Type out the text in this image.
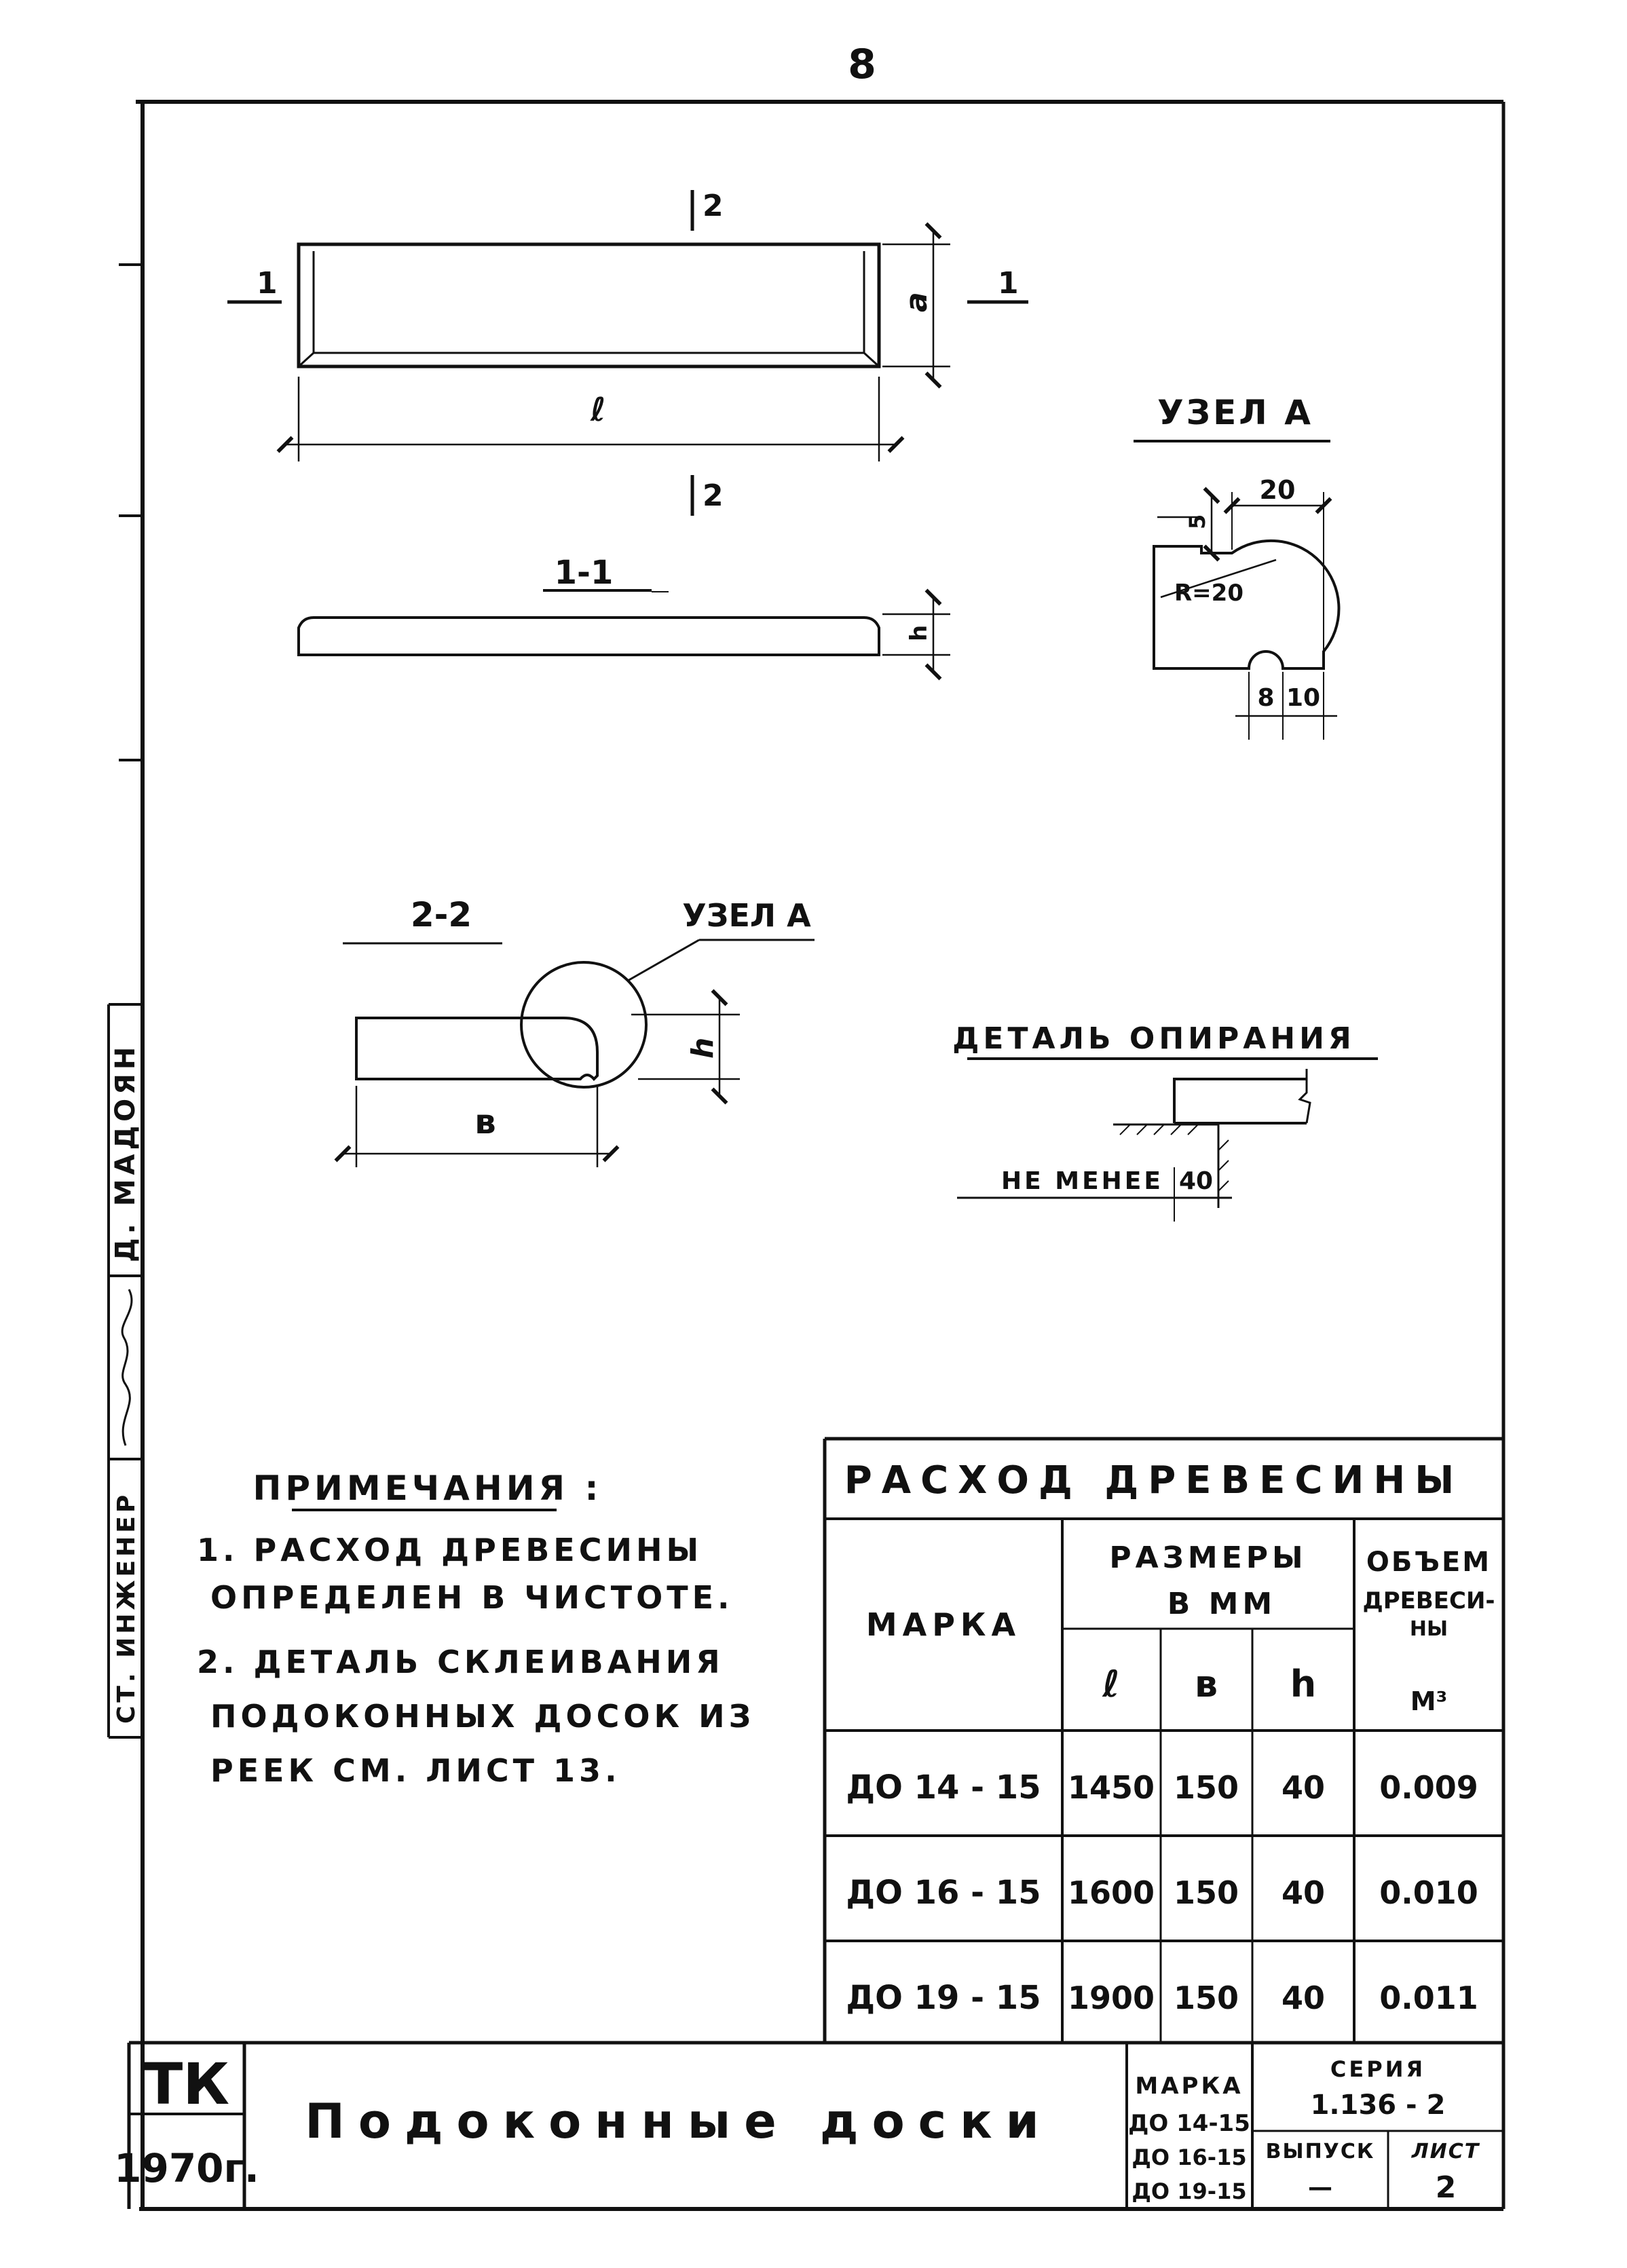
8
Д. МАДОЯН
СТ. ИНЖЕНЕР
2
2
1	1
ℓ
a
1-1
h
УЗЕЛ А
5
20
R=20
8 10
2-2	УЗЕЛ А
в
h	ДЕТАЛЬ ОПИРАНИЯ
НЕ МЕНЕЕ 40
ПРИМЕЧАНИЯ :
1. РАСХОД ДРЕВЕСИНЫ
ОПРЕДЕЛЕН В ЧИСТОТЕ.
2. ДЕТАЛЬ СКЛЕИВАНИЯ
ПОДОКОННЫХ ДОСОК ИЗ
РЕЕК СМ. ЛИСТ 13.
РАСХОД ДРЕВЕСИНЫ
МАРКА
РАЗМЕРЫ
В ММ
ОБЪЕМ
ДРЕВЕСИ-
НЫ
М³
ℓ в h
ДО 14 - 15 1450 150 40 0.009
ДО 16 - 15 1600 150 40 0.010
ДО 19 - 15 1900 150 40 0.011
ТК
1970г.
Подоконные доски
МАРКА
ДО 14-15
ДО 16-15
ДО 19-15
СЕРИЯ
1.136 - 2
ВЫПУСК
—
ЛИСТ
2
